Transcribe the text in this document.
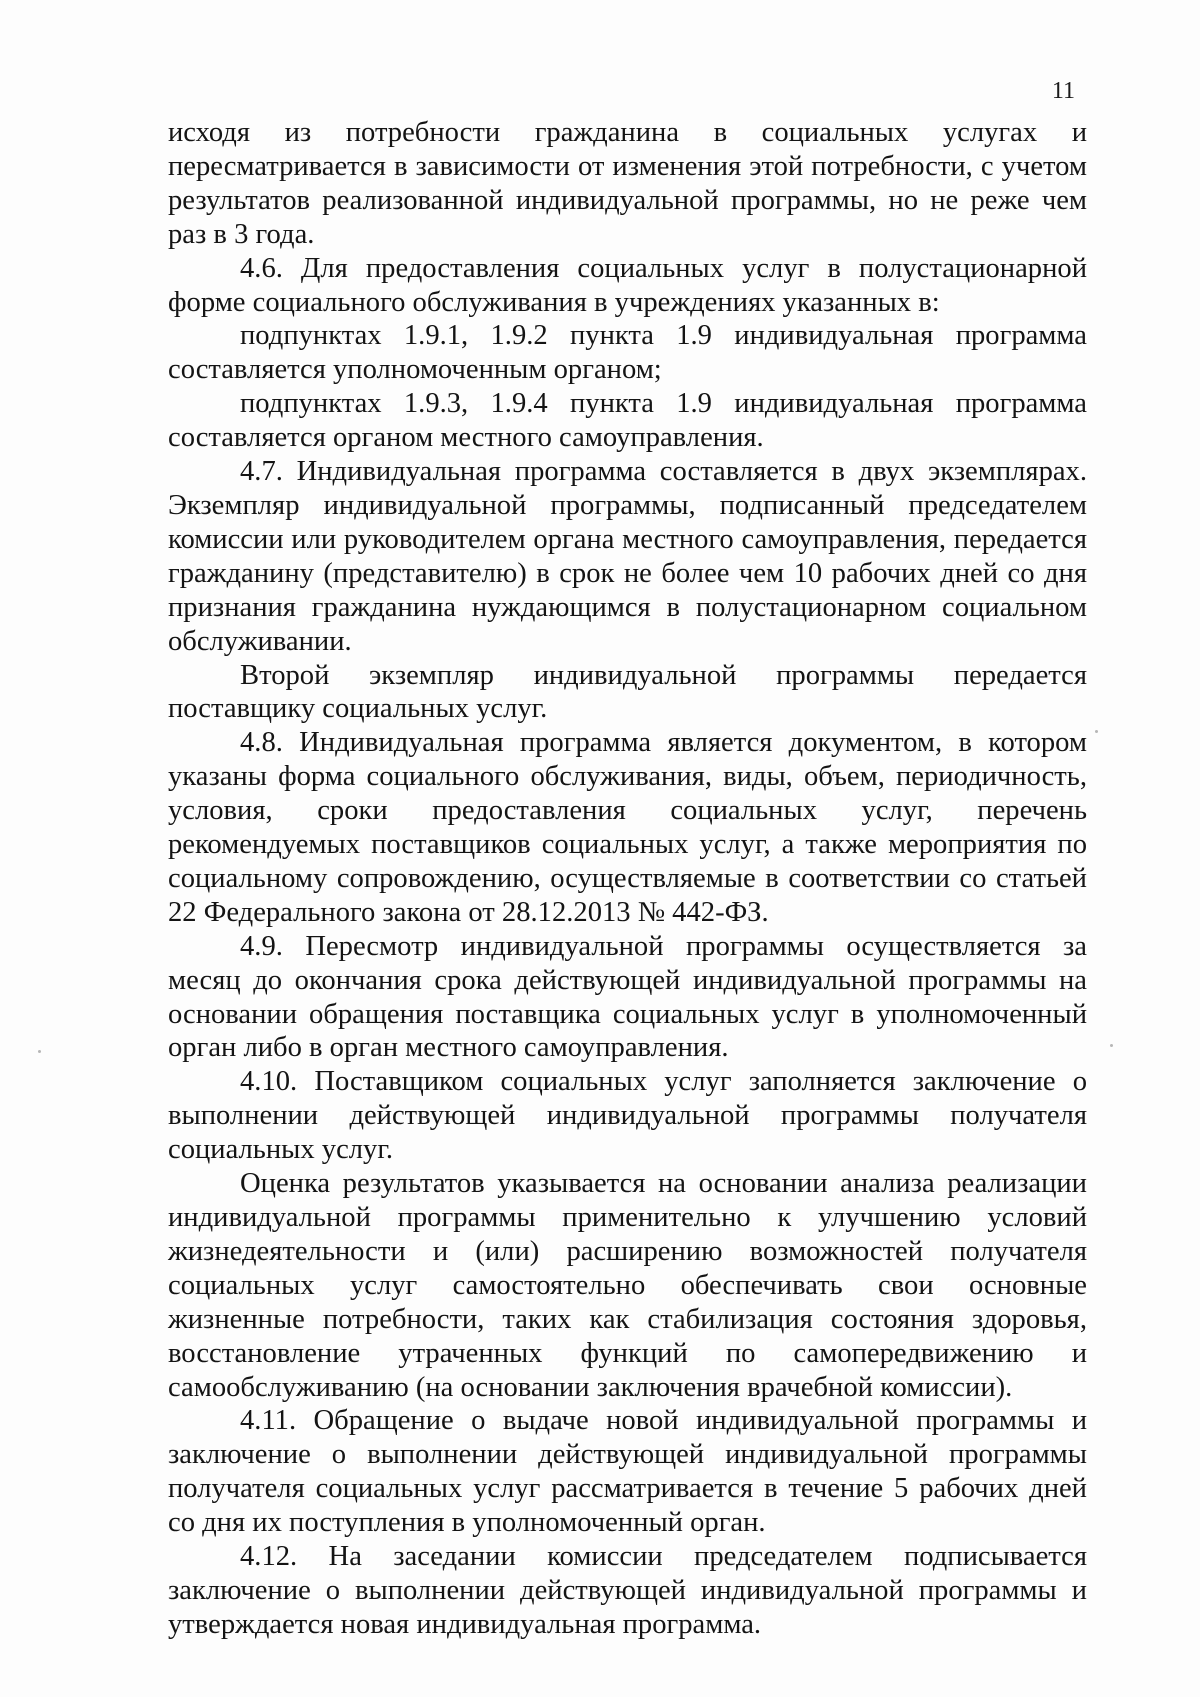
11

исходя из потребности гражданина в социальных услугах и пересматривается в зависимости от изменения этой потребности, с учетом результатов реализованной индивидуальной программы, но не реже чем раз в 3 года.

4.6. Для предоставления социальных услуг в полустационарной форме социального обслуживания в учреждениях указанных в:

подпунктах 1.9.1, 1.9.2 пункта 1.9 индивидуальная программа составляется уполномоченным органом;

подпунктах 1.9.3, 1.9.4 пункта 1.9 индивидуальная программа составляется органом местного самоуправления.

4.7. Индивидуальная программа составляется в двух экземплярах. Экземпляр индивидуальной программы, подписанный председателем комиссии или руководителем органа местного самоуправления, передается гражданину (представителю) в срок не более чем 10 рабочих дней со дня признания гражданина нуждающимся в полустационарном социальном обслуживании.

Второй экземпляр индивидуальной программы передается поставщику социальных услуг.

4.8. Индивидуальная программа является документом, в котором указаны форма социального обслуживания, виды, объем, периодичность, условия, сроки предоставления социальных услуг, перечень рекомендуемых поставщиков социальных услуг, а также мероприятия по социальному сопровождению, осуществляемые в соответствии со статьей 22 Федерального закона от 28.12.2013 № 442-ФЗ.

4.9. Пересмотр индивидуальной программы осуществляется за месяц до окончания срока действующей индивидуальной программы на основании обращения поставщика социальных услуг в уполномоченный орган либо в орган местного самоуправления.

4.10. Поставщиком социальных услуг заполняется заключение о выполнении действующей индивидуальной программы получателя социальных услуг.

Оценка результатов указывается на основании анализа реализации индивидуальной программы применительно к улучшению условий жизнедеятельности и (или) расширению возможностей получателя социальных услуг самостоятельно обеспечивать свои основные жизненные потребности, таких как стабилизация состояния здоровья, восстановление утраченных функций по самопередвижению и самообслуживанию (на основании заключения врачебной комиссии).

4.11. Обращение о выдаче новой индивидуальной программы и заключение о выполнении действующей индивидуальной программы получателя социальных услуг рассматривается в течение 5 рабочих дней со дня их поступления в уполномоченный орган.

4.12. На заседании комиссии председателем подписывается заключение о выполнении действующей индивидуальной программы и утверждается новая индивидуальная программа.
